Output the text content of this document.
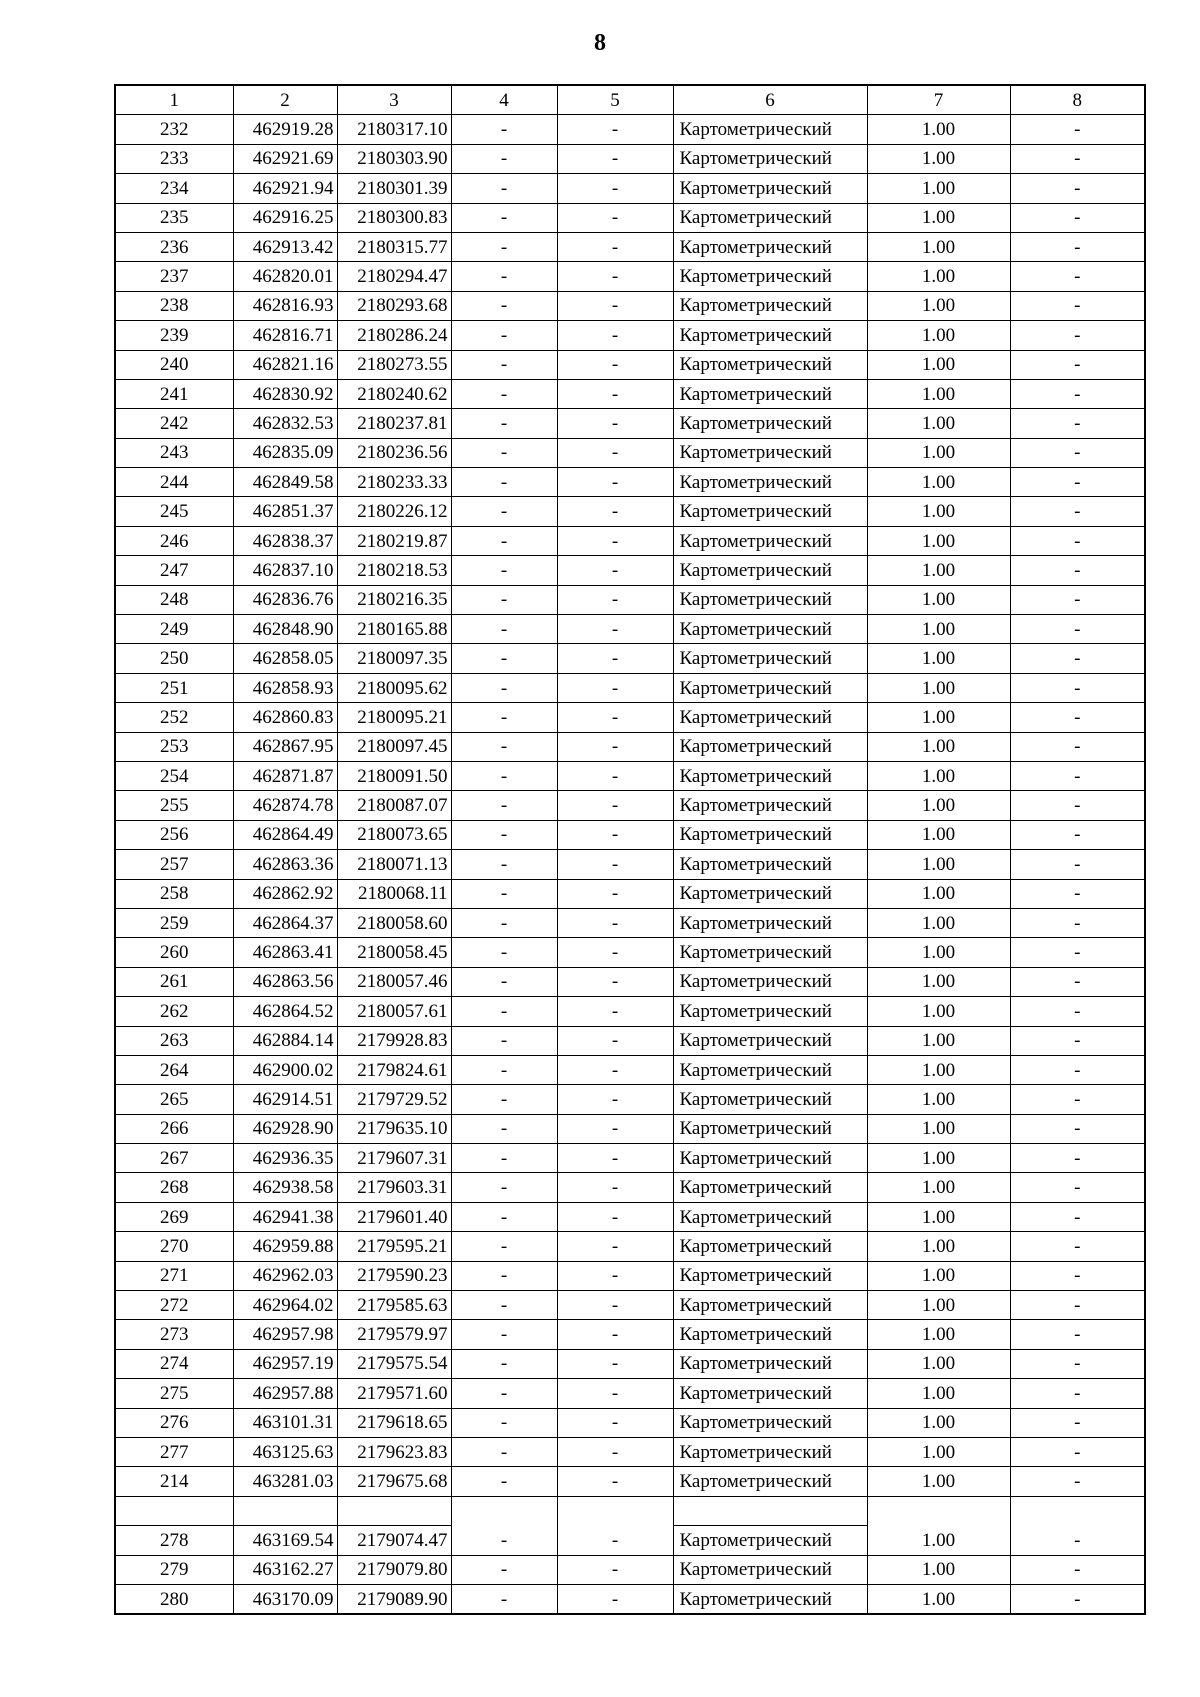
8
1	2	3	4	5	6	7	8
232	462919.28	2180317.10	-	-	Картометрический	1.00	-
233	462921.69	2180303.90	-	-	Картометрический	1.00	-
234	462921.94	2180301.39	-	-	Картометрический	1.00	-
235	462916.25	2180300.83	-	-	Картометрический	1.00	-
236	462913.42	2180315.77	-	-	Картометрический	1.00	-
237	462820.01	2180294.47	-	-	Картометрический	1.00	-
238	462816.93	2180293.68	-	-	Картометрический	1.00	-
239	462816.71	2180286.24	-	-	Картометрический	1.00	-
240	462821.16	2180273.55	-	-	Картометрический	1.00	-
241	462830.92	2180240.62	-	-	Картометрический	1.00	-
242	462832.53	2180237.81	-	-	Картометрический	1.00	-
243	462835.09	2180236.56	-	-	Картометрический	1.00	-
244	462849.58	2180233.33	-	-	Картометрический	1.00	-
245	462851.37	2180226.12	-	-	Картометрический	1.00	-
246	462838.37	2180219.87	-	-	Картометрический	1.00	-
247	462837.10	2180218.53	-	-	Картометрический	1.00	-
248	462836.76	2180216.35	-	-	Картометрический	1.00	-
249	462848.90	2180165.88	-	-	Картометрический	1.00	-
250	462858.05	2180097.35	-	-	Картометрический	1.00	-
251	462858.93	2180095.62	-	-	Картометрический	1.00	-
252	462860.83	2180095.21	-	-	Картометрический	1.00	-
253	462867.95	2180097.45	-	-	Картометрический	1.00	-
254	462871.87	2180091.50	-	-	Картометрический	1.00	-
255	462874.78	2180087.07	-	-	Картометрический	1.00	-
256	462864.49	2180073.65	-	-	Картометрический	1.00	-
257	462863.36	2180071.13	-	-	Картометрический	1.00	-
258	462862.92	2180068.11	-	-	Картометрический	1.00	-
259	462864.37	2180058.60	-	-	Картометрический	1.00	-
260	462863.41	2180058.45	-	-	Картометрический	1.00	-
261	462863.56	2180057.46	-	-	Картометрический	1.00	-
262	462864.52	2180057.61	-	-	Картометрический	1.00	-
263	462884.14	2179928.83	-	-	Картометрический	1.00	-
264	462900.02	2179824.61	-	-	Картометрический	1.00	-
265	462914.51	2179729.52	-	-	Картометрический	1.00	-
266	462928.90	2179635.10	-	-	Картометрический	1.00	-
267	462936.35	2179607.31	-	-	Картометрический	1.00	-
268	462938.58	2179603.31	-	-	Картометрический	1.00	-
269	462941.38	2179601.40	-	-	Картометрический	1.00	-
270	462959.88	2179595.21	-	-	Картометрический	1.00	-
271	462962.03	2179590.23	-	-	Картометрический	1.00	-
272	462964.02	2179585.63	-	-	Картометрический	1.00	-
273	462957.98	2179579.97	-	-	Картометрический	1.00	-
274	462957.19	2179575.54	-	-	Картометрический	1.00	-
275	462957.88	2179571.60	-	-	Картометрический	1.00	-
276	463101.31	2179618.65	-	-	Картометрический	1.00	-
277	463125.63	2179623.83	-	-	Картометрический	1.00	-
214	463281.03	2179675.68	-	-	Картометрический	1.00	-

278	463169.54	2179074.47	-	-	Картометрический	1.00	-
279	463162.27	2179079.80	-	-	Картометрический	1.00	-
280	463170.09	2179089.90	-	-	Картометрический	1.00	-
